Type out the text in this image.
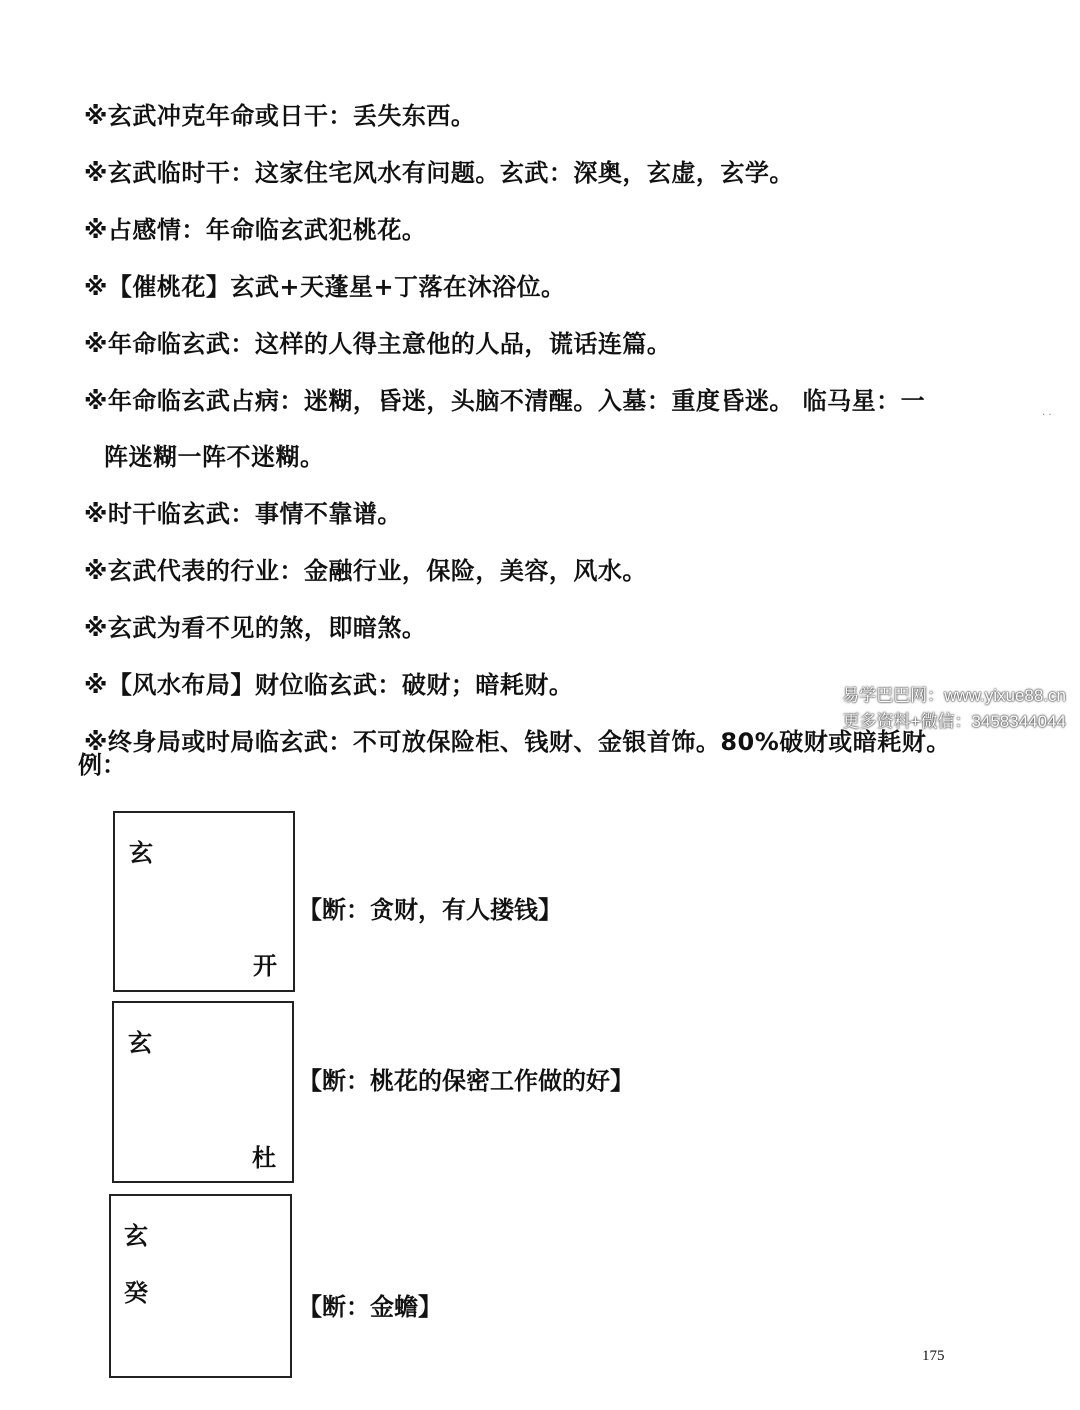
※玄武冲克年命或日干：丢失东西。
※玄武临时干：这家住宅风水有问题。玄武：深奥，玄虚，玄学。
※占感情：年命临玄武犯桃花。
※【催桃花】玄武+天蓬星+丁落在沐浴位。
※年命临玄武：这样的人得主意他的人品，谎话连篇。
※年命临玄武占病：迷糊，昏迷，头脑不清醒。入墓：重度昏迷。 临马星：一
阵迷糊一阵不迷糊。
※时干临玄武：事情不靠谱。
※玄武代表的行业：金融行业，保险，美容，风水。
※玄武为看不见的煞，即暗煞。
※【风水布局】财位临玄武：破财；暗耗财。
※终身局或时局临玄武：不可放保险柜、钱财、金银首饰。80%破财或暗耗财。
例：
玄
开
【断：贪财，有人搂钱】
玄
杜
【断：桃花的保密工作做的好】
玄
癸	【断：金蟾】
175
易学巴巴网：www.yixue88.cn
更多资料+微信：3458344044
· ·
